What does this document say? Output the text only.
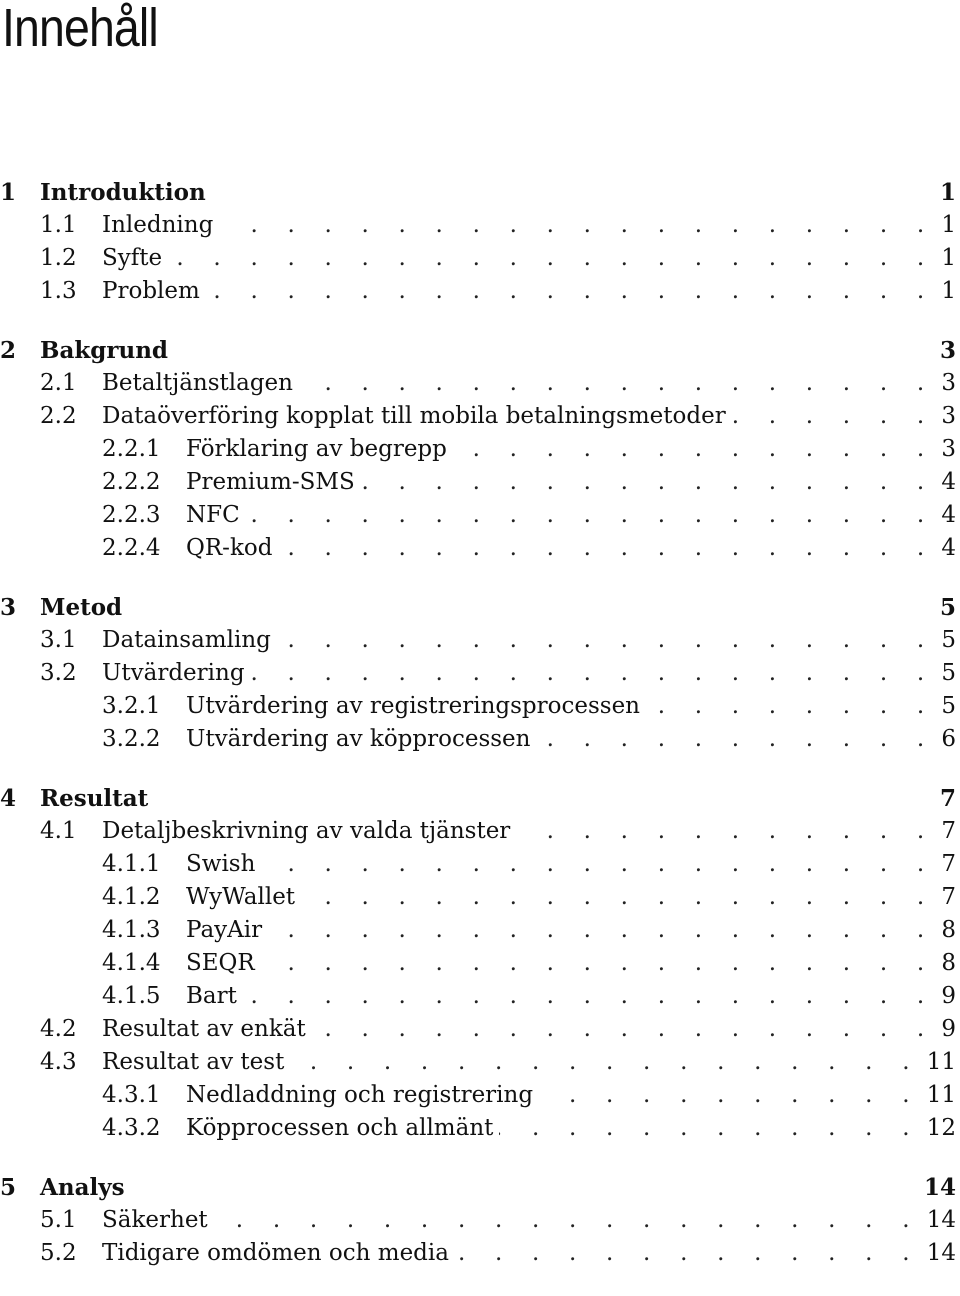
Innehåll
1	Introduktion	1
1.1	Inledning . . .	1
1.2	Syfte . . .	1
1.3	Problem . . .	1
2	Bakgrund	3
2.1	Betaltjänstlagen . . .	3
2.2	Dataöverföring kopplat till mobila betalningsmetoder . . .	3
2.2.1	Förklaring av begrepp . . .	3
2.2.2	Premium-SMS . . .	4
2.2.3	NFC . . .	4
2.2.4	QR-kod . . .	4
3	Metod	5
3.1	Datainsamling . . .	5
3.2	Utvärdering . . .	5
3.2.1	Utvärdering av registreringsprocessen . . .	5
3.2.2	Utvärdering av köpprocessen . . .	6
4	Resultat	7
4.1	Detaljbeskrivning av valda tjänster . . .	7
4.1.1	Swish . . .	7
4.1.2	WyWallet . . .	7
4.1.3	PayAir . . .	8
4.1.4	SEQR . . .	8
4.1.5	Bart . . .	9
4.2	Resultat av enkät . . .	9
4.3	Resultat av test . . .	11
4.3.1	Nedladdning och registrering . . .	11
4.3.2	Köpprocessen och allmänt . . .	12
5	Analys	14
5.1	Säkerhet . . .	14
5.2	Tidigare omdömen och media . . .	14
